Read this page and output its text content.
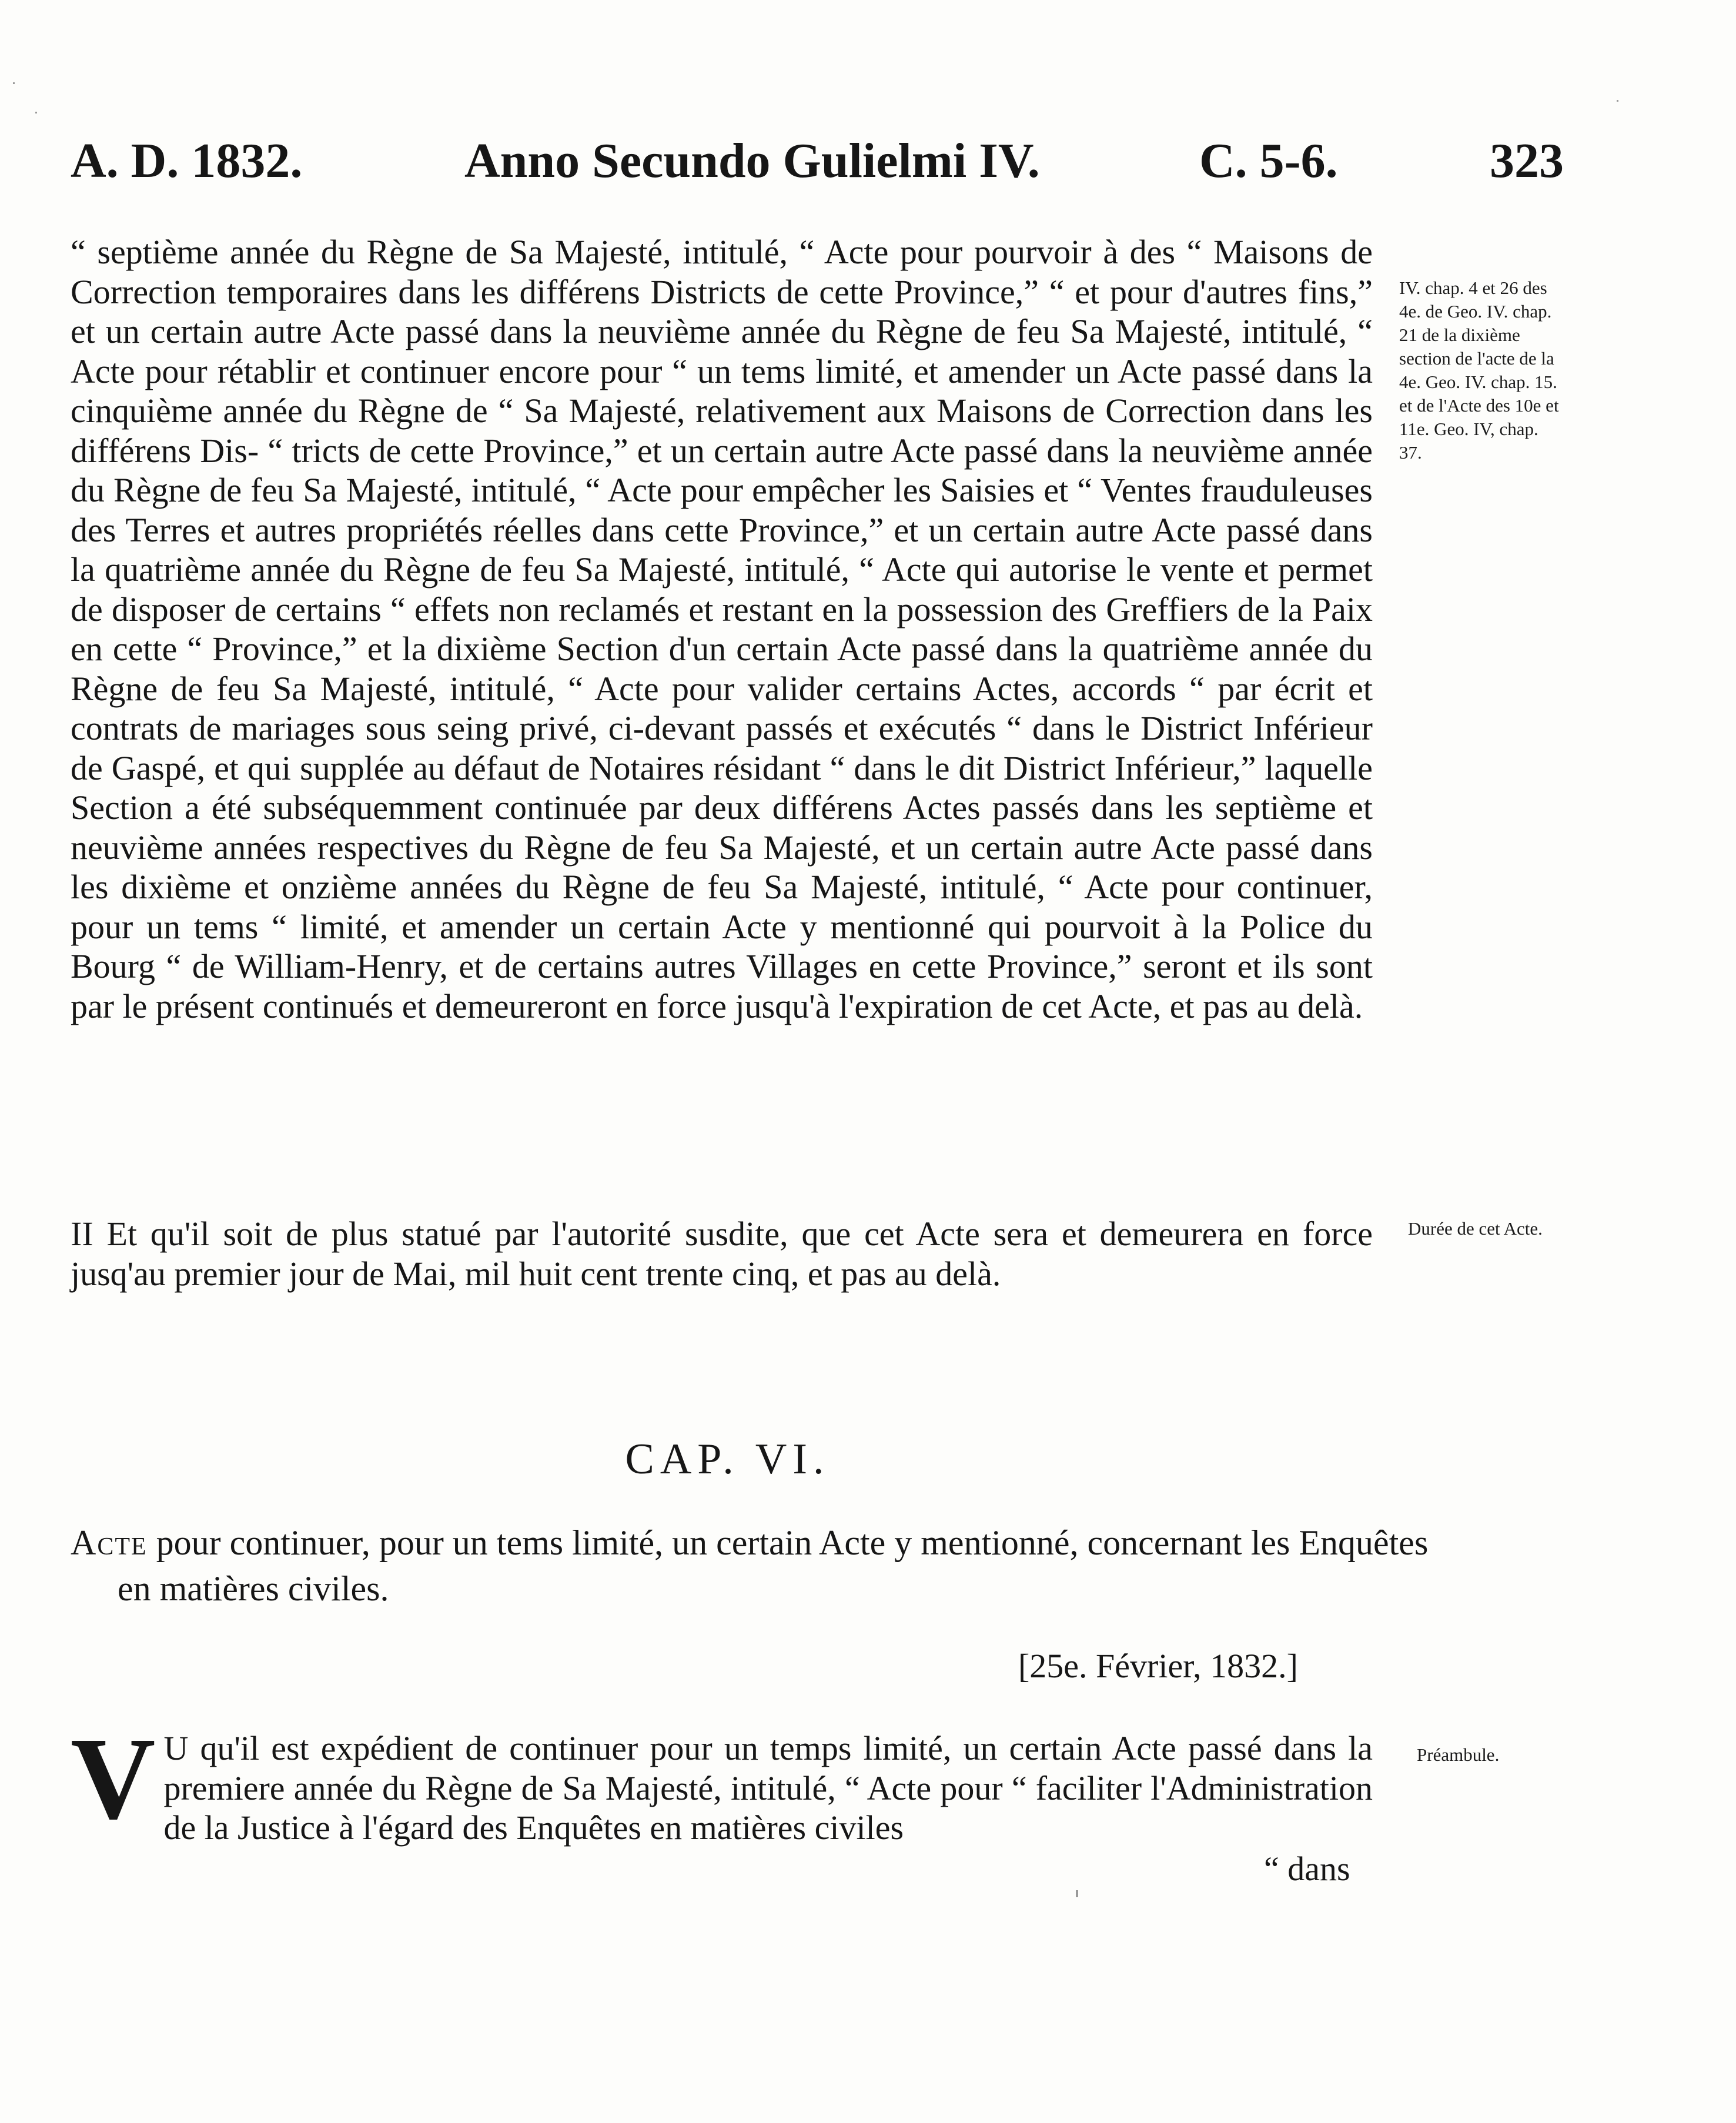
A. D. 1832.	Anno Secundo Gulielmi IV.	C. 5-6.	323

“ septième année du Règne de Sa Majesté, intitulé, “ Acte pour pourvoir à des “ Maisons de Correction temporaires dans les différens Districts de cette Province,” “ et pour d'autres fins,” et un certain autre Acte passé dans la neuvième année du Règne de feu Sa Majesté, intitulé, “ Acte pour rétablir et continuer encore pour “ un tems limité, et amender un Acte passé dans la cinquième année du Règne de “ Sa Majesté, relativement aux Maisons de Correction dans les différens Dis- “ tricts de cette Province,” et un certain autre Acte passé dans la neuvième année du Règne de feu Sa Majesté, intitulé, “ Acte pour empêcher les Saisies et “ Ventes frauduleuses des Terres et autres propriétés réelles dans cette Province,” et un certain autre Acte passé dans la quatrième année du Règne de feu Sa Majesté, intitulé, “ Acte qui autorise le vente et permet de disposer de certains “ effets non reclamés et restant en la possession des Greffiers de la Paix en cette “ Province,” et la dixième Section d'un certain Acte passé dans la quatrième année du Règne de feu Sa Majesté, intitulé, “ Acte pour valider certains Actes, accords “ par écrit et contrats de mariages sous seing privé, ci-devant passés et exécutés “ dans le District Inférieur de Gaspé, et qui supplée au défaut de Notaires résidant “ dans le dit District Inférieur,” laquelle Section a été subséquemment continuée par deux différens Actes passés dans les septième et neuvième années respectives du Règne de feu Sa Majesté, et un certain autre Acte passé dans les dixième et onzième années du Règne de feu Sa Majesté, intitulé, “ Acte pour continuer, pour un tems “ limité, et amender un certain Acte y mentionné qui pourvoit à la Police du Bourg “ de William-Henry, et de certains autres Villages en cette Province,” seront et ils sont par le présent continués et demeureront en force jusqu'à l'expiration de cet Acte, et pas au delà.

IV. chap. 4 et 26 des 4e. de Geo. IV. chap. 21 de la dixième section de l'acte de la 4e. Geo. IV. chap. 15. et de l'Acte des 10e et 11e. Geo. IV, chap. 37.

II Et qu'il soit de plus statué par l'autorité susdite, que cet Acte sera et demeurera en force jusq'au premier jour de Mai, mil huit cent trente cinq, et pas au delà.

Durée de cet Acte.
CAP. VI.
Acte pour continuer, pour un tems limité, un certain Acte y mentionné, concernant les Enquêtes en matières civiles.
[25e. Février, 1832.]
V U qu'il est expédient de continuer pour un temps limité, un certain Acte passé dans la premiere année du Règne de Sa Majesté, intitulé, “ Acte pour “ faciliter l'Administration de la Justice à l'égard des Enquêtes en matières civiles
Préambule.
“ dans
